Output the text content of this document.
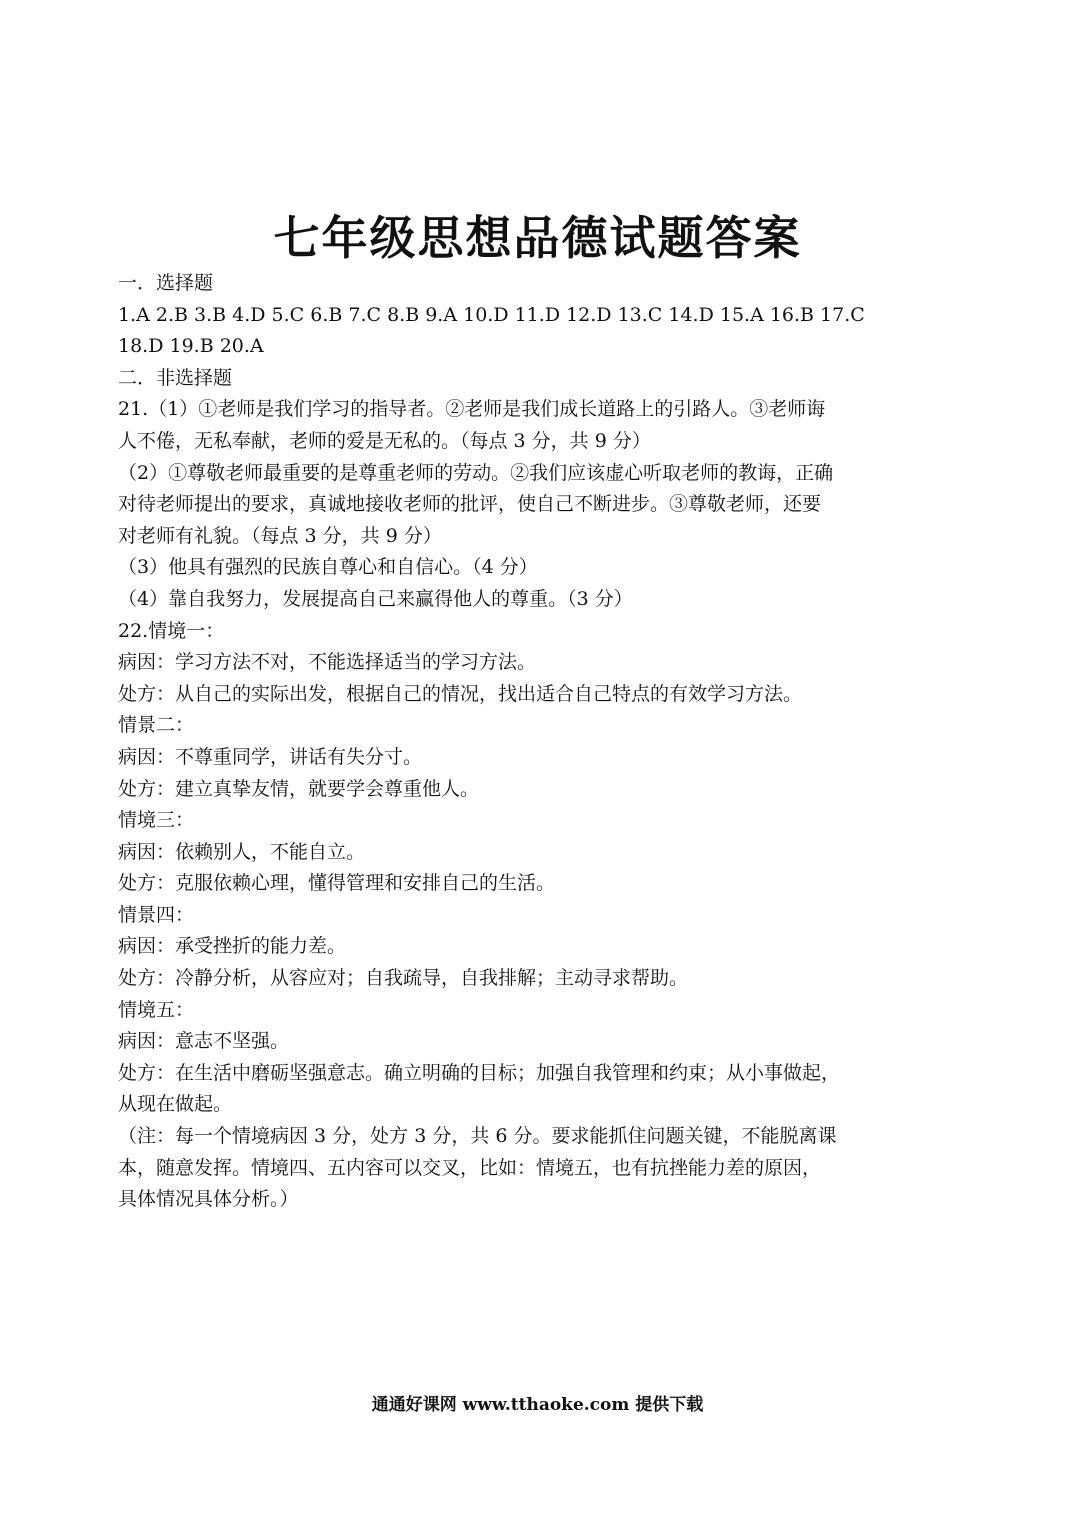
七年级思想品德试题答案
一．选择题
1.A 2.B 3.B 4.D 5.C 6.B 7.C 8.B 9.A 10.D 11.D 12.D 13.C 14.D 15.A 16.B 17.C
18.D 19.B 20.A
二．非选择题
21.（1）①老师是我们学习的指导者。②老师是我们成长道路上的引路人。③老师诲
人不倦，无私奉献，老师的爱是无私的。（每点 3 分，共 9 分）
（2）①尊敬老师最重要的是尊重老师的劳动。②我们应该虚心听取老师的教诲，正确
对待老师提出的要求，真诚地接收老师的批评，使自己不断进步。③尊敬老师，还要
对老师有礼貌。（每点 3 分，共 9 分）
（3）他具有强烈的民族自尊心和自信心。（4 分）
（4）靠自我努力，发展提高自己来赢得他人的尊重。（3 分）
22.情境一：
病因：学习方法不对，不能选择适当的学习方法。
处方：从自己的实际出发，根据自己的情况，找出适合自己特点的有效学习方法。
情景二：
病因：不尊重同学，讲话有失分寸。
处方：建立真挚友情，就要学会尊重他人。
情境三：
病因：依赖别人，不能自立。
处方：克服依赖心理，懂得管理和安排自己的生活。
情景四：
病因：承受挫折的能力差。
处方：冷静分析，从容应对；自我疏导，自我排解；主动寻求帮助。
情境五：
病因：意志不坚强。
处方：在生活中磨砺坚强意志。确立明确的目标；加强自我管理和约束；从小事做起，
从现在做起。
（注：每一个情境病因 3 分，处方 3 分，共 6 分。要求能抓住问题关键，不能脱离课
本，随意发挥。情境四、五内容可以交叉，比如：情境五，也有抗挫能力差的原因，
具体情况具体分析。）
通通好课网 www.tthaoke.com 提供下载
